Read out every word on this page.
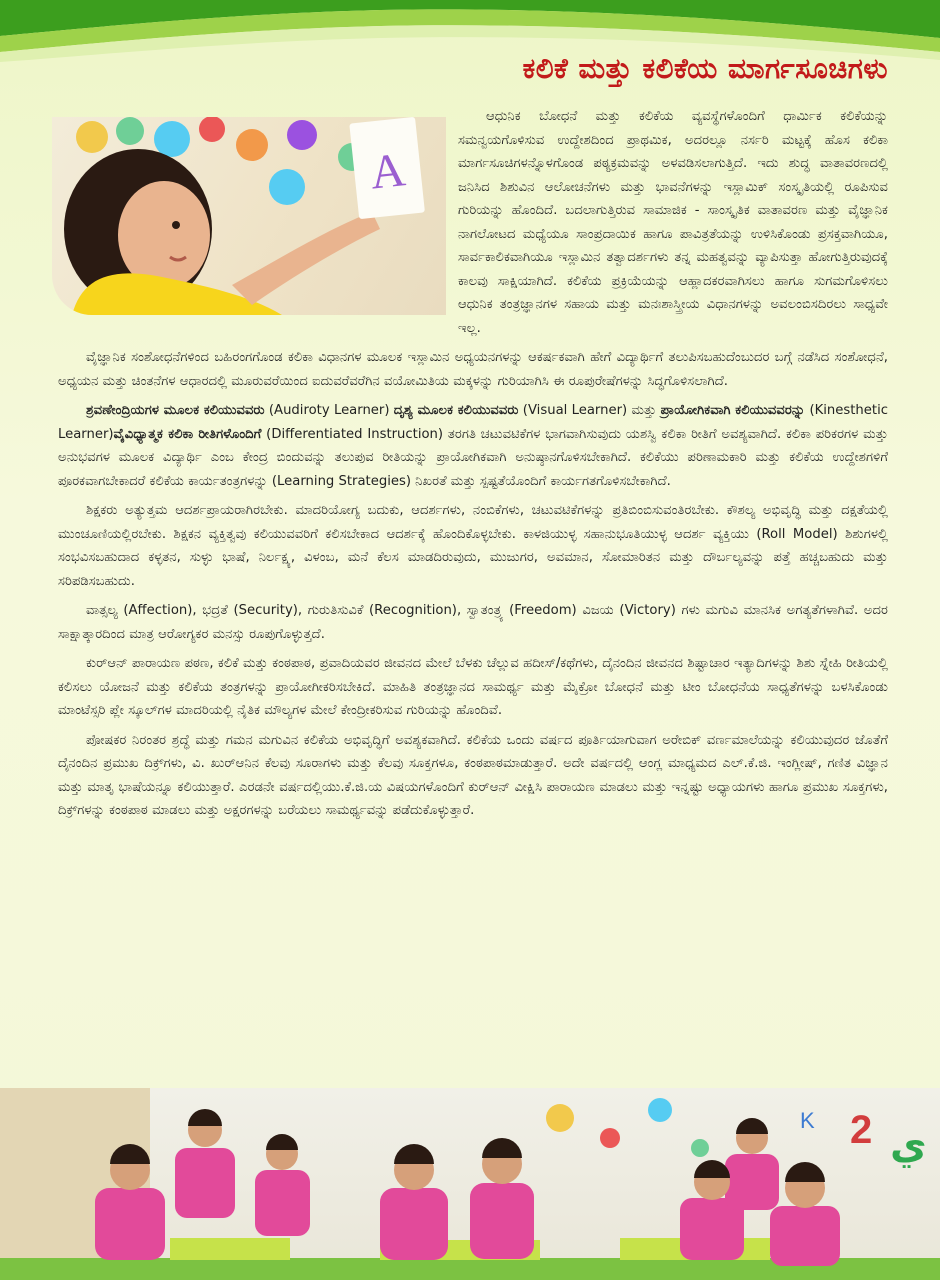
ಕಲಿಕೆ ಮತ್ತು ಕಲಿಕೆಯ ಮಾರ್ಗಸೂಚಿಗಳು
A

ಆಧುನಿಕ ಬೋಧನೆ ಮತ್ತು ಕಲಿಕೆಯ ವ್ಯವಸ್ಥೆಗಳೊಂದಿಗೆ ಧಾರ್ಮಿಕ ಕಲಿಕೆಯನ್ನು ಸಮನ್ವಯಗೊಳಿಸುವ ಉದ್ದೇಶದಿಂದ ಪ್ರಾಥಮಿಕ, ಅದರಲ್ಲೂ ನರ್ಸರಿ ಮಟ್ಟಕ್ಕೆ ಹೊಸ ಕಲಿಕಾ ಮಾರ್ಗಸೂಚಿಗಳನ್ನೊಳಗೊಂಡ ಪಠ್ಯಕ್ರಮವನ್ನು ಅಳವಡಿಸಲಾಗುತ್ತಿದೆ. ಇದು ಶುದ್ಧ ವಾತಾವರಣದಲ್ಲಿ ಜನಿಸಿದ ಶಿಶುವಿನ ಆಲೋಚನೆಗಳು ಮತ್ತು ಭಾವನೆಗಳನ್ನು ಇಸ್ಲಾಮಿಕ್ ಸಂಸ್ಕೃತಿಯಲ್ಲಿ ರೂಪಿಸುವ ಗುರಿಯನ್ನು ಹೊಂದಿದೆ. ಬದಲಾಗುತ್ತಿರುವ ಸಾಮಾಜಿಕ - ಸಾಂಸ್ಕೃತಿಕ ವಾತಾವರಣ ಮತ್ತು ವೈಜ್ಞಾನಿಕ ನಾಗಲೋಟದ ಮಧ್ಯೆಯೂ ಸಾಂಪ್ರದಾಯಿಕ ಹಾಗೂ ಪಾವಿತ್ರತೆಯನ್ನು ಉಳಿಸಿಕೊಂಡು ಪ್ರಸಕ್ತವಾಗಿಯೂ, ಸಾರ್ವಕಾಲಿಕವಾಗಿಯೂ ಇಸ್ಲಾಮಿನ ತತ್ವಾದರ್ಶಗಳು ತನ್ನ ಮಹತ್ವವನ್ನು ವ್ಯಾಪಿಸುತ್ತಾ ಹೋಗುತ್ತಿರುವುದಕ್ಕೆ ಕಾಲವು ಸಾಕ್ಷಿಯಾಗಿದೆ. ಕಲಿಕೆಯ ಪ್ರಕ್ರಿಯೆಯನ್ನು ಆಹ್ಲಾದಕರವಾಗಿಸಲು ಹಾಗೂ ಸುಗಮಗೊಳಿಸಲು ಆಧುನಿಕ ತಂತ್ರಜ್ಞಾನಗಳ ಸಹಾಯ ಮತ್ತು ಮನಃಶಾಸ್ತ್ರೀಯ ವಿಧಾನಗಳನ್ನು ಅವಲಂಬಿಸದಿರಲು ಸಾಧ್ಯವೇ ಇಲ್ಲ.

ವೈಜ್ಞಾನಿಕ ಸಂಶೋಧನೆಗಳಿಂದ ಬಹಿರಂಗಗೊಂಡ ಕಲಿಕಾ ವಿಧಾನಗಳ ಮೂಲಕ ಇಸ್ಲಾಮಿನ ಅಧ್ಯಯನಗಳನ್ನು ಆಕರ್ಷಕವಾಗಿ ಹೇಗೆ ವಿದ್ಯಾರ್ಥಿಗೆ ತಲುಪಿಸಬಹುದೆಂಬುದರ ಬಗ್ಗೆ ನಡೆಸಿದ ಸಂಶೋಧನೆ, ಅಧ್ಯಯನ ಮತ್ತು ಚಿಂತನೆಗಳ ಆಧಾರದಲ್ಲಿ ಮೂರುವರೆಯಿಂದ ಐದುವರೆವರೆಗಿನ ವಯೋಮಿತಿಯ ಮಕ್ಕಳನ್ನು ಗುರಿಯಾಗಿಸಿ ಈ ರೂಪುರೇಷೆಗಳನ್ನು ಸಿದ್ಧಗೊಳಿಸಲಾಗಿದೆ.

ಶ್ರವಣೇಂದ್ರಿಯಗಳ ಮೂಲಕ ಕಲಿಯುವವರು (Audiroty Learner) ದೃಶ್ಯ ಮೂಲಕ ಕಲಿಯುವವರು (Visual Learner) ಮತ್ತು ಪ್ರಾಯೋಗಿಕವಾಗಿ ಕಲಿಯುವವರನ್ನು (Kinesthetic Learner)ವೈವಿಧ್ಯಾತ್ಮಕ ಕಲಿಕಾ ರೀತಿಗಳೊಂದಿಗೆ (Differentiated Instruction) ತರಗತಿ ಚಟುವಟಿಕೆಗಳ ಭಾಗವಾಗಿಸುವುದು ಯಶಸ್ವಿ ಕಲಿಕಾ ರೀತಿಗೆ ಅವಶ್ಯವಾಗಿದೆ. ಕಲಿಕಾ ಪರಿಕರಗಳ ಮತ್ತು ಅನುಭವಗಳ ಮೂಲಕ ವಿದ್ಯಾರ್ಥಿ ಎಂಬ ಕೇಂದ್ರ ಬಿಂದುವನ್ನು ತಲುಪುವ ರೀತಿಯನ್ನು ಪ್ರಾಯೋಗಿಕವಾಗಿ ಅನುಷ್ಠಾನಗೊಳಿಸಬೇಕಾಗಿದೆ. ಕಲಿಕೆಯು ಪರಿಣಾಮಕಾರಿ ಮತ್ತು ಕಲಿಕೆಯ ಉದ್ದೇಶಗಳಿಗೆ ಪೂರಕವಾಗಬೇಕಾದರೆ ಕಲಿಕೆಯ ಕಾರ್ಯತಂತ್ರಗಳನ್ನು (Learning Strategies) ನಿಖರತೆ ಮತ್ತು ಸ್ಪಷ್ಟತೆಯೊಂದಿಗೆ ಕಾರ್ಯಗತಗೊಳಿಸಬೇಕಾಗಿದೆ.

ಶಿಕ್ಷಕರು ಅತ್ಯುತ್ತಮ ಆದರ್ಶಪ್ರಾಯರಾಗಿರಬೇಕು. ಮಾದರಿಯೋಗ್ಯ ಬದುಕು, ಆದರ್ಶಗಳು, ನಂಬಿಕೆಗಳು, ಚಟುವಟಿಕೆಗಳನ್ನು ಪ್ರತಿಬಿಂಬಿಸುವಂತಿರಬೇಕು. ಕೌಶಲ್ಯ ಅಭಿವೃದ್ಧಿ ಮತ್ತು ದಕ್ಷತೆಯಲ್ಲಿ ಮುಂಚೂಣಿಯಲ್ಲಿರಬೇಕು. ಶಿಕ್ಷಕನ ವ್ಯಕ್ತಿತ್ವವು ಕಲಿಯುವವರಿಗೆ ಕಲಿಸಬೇಕಾದ ಆದರ್ಶಕ್ಕೆ ಹೊಂದಿಕೊಳ್ಳಬೇಕು. ಕಾಳಜಿಯುಳ್ಳ ಸಹಾನುಭೂತಿಯುಳ್ಳ ಆದರ್ಶ ವ್ಯಕ್ತಿಯು (Roll Model) ಶಿಶುಗಳಲ್ಲಿ ಸಂಭವಿಸಬಹುದಾದ ಕಳ್ಳತನ, ಸುಳ್ಳು ಭಾಷೆ, ನಿರ್ಲಕ್ಷ್ಯ, ವಿಳಂಬ, ಮನೆ ಕೆಲಸ ಮಾಡದಿರುವುದು, ಮುಜುಗರ, ಅವಮಾನ, ಸೋಮಾರಿತನ ಮತ್ತು ದೌರ್ಬಲ್ಯವನ್ನು ಪತ್ತೆ ಹಚ್ಚಬಹುದು ಮತ್ತು ಸರಿಪಡಿಸಬಹುದು.

ವಾತ್ಸಲ್ಯ (Affection), ಭದ್ರತೆ (Security), ಗುರುತಿಸುವಿಕೆ (Recognition), ಸ್ವಾತಂತ್ರ್ಯ (Freedom) ವಿಜಯ (Victory) ಗಳು ಮಗುವಿ ಮಾನಸಿಕ ಅಗತ್ಯತೆಗಳಾಗಿವೆ. ಅದರ ಸಾಕ್ಷಾತ್ಕಾರದಿಂದ ಮಾತ್ರ ಆರೋಗ್ಯಕರ ಮನಸ್ಸು ರೂಪುಗೊಳ್ಳುತ್ತದೆ.

ಕುರ್‌ಆನ್ ಪಾರಾಯಣ ಪಠಣ, ಕಲಿಕೆ ಮತ್ತು ಕಂಠಪಾಠ, ಪ್ರವಾದಿಯವರ ಜೀವನದ ಮೇಲೆ ಬೆಳಕು ಚೆಲ್ಲುವ ಹದೀಸ್/ಕಥೆಗಳು, ದೈನಂದಿನ ಜೀವನದ ಶಿಷ್ಟಾಚಾರ ಇತ್ಯಾದಿಗಳನ್ನು ಶಿಶು ಸ್ನೇಹಿ ರೀತಿಯಲ್ಲಿ ಕಲಿಸಲು ಯೋಜನೆ ಮತ್ತು ಕಲಿಕೆಯ ತಂತ್ರಗಳನ್ನು ಪ್ರಾಯೋಗೀಕರಿಸಬೇಕಿದೆ. ಮಾಹಿತಿ ತಂತ್ರಜ್ಞಾನದ ಸಾಮರ್ಥ್ಯ ಮತ್ತು ಮೈಕ್ರೋ ಬೋಧನೆ ಮತ್ತು ಟೀಂ ಬೋಧನೆಯ ಸಾಧ್ಯತೆಗಳನ್ನು ಬಳಸಿಕೊಂಡು ಮಾಂಟೆಸ್ಸರಿ ಪ್ಲೇ ಸ್ಕೂಲ್‌ಗಳ ಮಾದರಿಯಲ್ಲಿ ನೈತಿಕ ಮೌಲ್ಯಗಳ ಮೇಲೆ ಕೇಂದ್ರೀಕರಿಸುವ ಗುರಿಯನ್ನು ಹೊಂದಿವೆ.

ಪೋಷಕರ ನಿರಂತರ ಶ್ರದ್ಧೆ ಮತ್ತು ಗಮನ ಮಗುವಿನ ಕಲಿಕೆಯ ಅಭಿವೃದ್ಧಿಗೆ ಅವಶ್ಯಕವಾಗಿದೆ. ಕಲಿಕೆಯ ಒಂದು ವರ್ಷದ ಪೂರ್ತಿಯಾಗುವಾಗ ಅರೇಬಿಕ್ ವರ್ಣಮಾಲೆಯನ್ನು ಕಲಿಯುವುದರ ಜೊತೆಗೆ ದೈನಂದಿನ ಪ್ರಮುಖ ದಿಕ್ರ್‌ಗಳು, ವಿ. ಖುರ್‌ಆನಿನ ಕೆಲವು ಸೂರಾಗಳು ಮತ್ತು ಕೆಲವು ಸೂಕ್ತಗಳೂ, ಕಂಠಪಾಠಮಾಡುತ್ತಾರೆ. ಅದೇ ವರ್ಷದಲ್ಲಿ ಆಂಗ್ಲ ಮಾಧ್ಯಮದ ಎಲ್.ಕೆ.ಜಿ. ಇಂಗ್ಲೀಷ್, ಗಣಿತ ವಿಜ್ಞಾನ ಮತ್ತು ಮಾತೃ ಭಾಷೆಯನ್ನೂ ಕಲಿಯುತ್ತಾರೆ. ಎರಡನೇ ವರ್ಷದಲ್ಲಿಯು.ಕೆ.ಜಿ.ಯ ವಿಷಯಗಳೊಂದಿಗೆ ಕುರ್‌ಆನ್ ವೀಕ್ಷಿಸಿ ಪಾರಾಯಣ ಮಾಡಲು ಮತ್ತು ಇನ್ನಷ್ಟು ಅಧ್ಯಾಯಗಳು ಹಾಗೂ ಪ್ರಮುಖ ಸೂಕ್ತಗಳು, ದಿಕ್ರ್‌ಗಳನ್ನು ಕಂಠಪಾಠ ಮಾಡಲು ಮತ್ತು ಅಕ್ಷರಗಳನ್ನು ಬರೆಯಲು ಸಾಮರ್ಥ್ಯವನ್ನು ಪಡೆದುಕೊಳ್ಳುತ್ತಾರೆ.

2 ي
K
